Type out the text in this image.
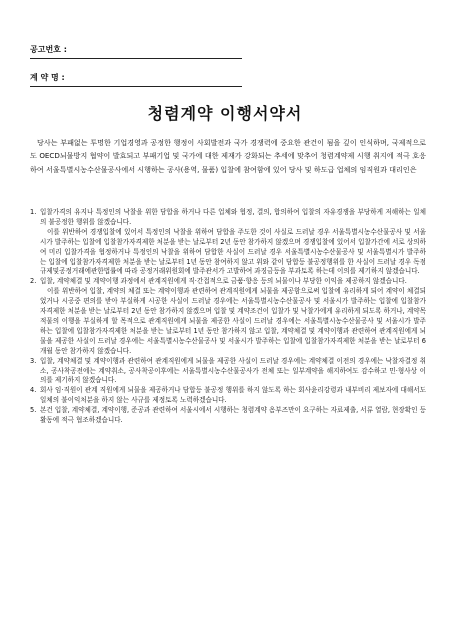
공고번호 :
계 약 명 :
청렴계약 이행서약서

당사는 부패없는 투명한 기업경영과 공정한 행정이 사회발전과 국가 경쟁력에 중요한 관건이 됨을 깊이 인식하며, 국제적으로도 OECD뇌물방지 협약이 발효되고 부패기업 및 국가에 대한 제재가 강화되는 추세에 맞추어 청렴계약제 시행 취지에 적극 호응하여 서울특별시농수산물공사에서 시행하는 공사(용역, 물품) 입찰에 참여함에 있어 당사 및 하도급 업체의 임직원과 대리인은

1. 입찰가격의 유지나 특정인의 낙찰을 위한 담합을 하거나 다른 업체와 협정, 결의, 합의하여 입찰의 자유경쟁을 부당하게 저해하는 일체의 불공정한 행위를 않겠습니다.

이를 위반하여 경쟁입찰에 있어서 특정인의 낙찰을 위하여 담합을 주도한 것이 사실로 드러날 경우 서울특별시농수산물공사 및 서울시가 발주하는 입찰에 입찰참가자격제한 처분을 받는 날로부터 2년 동안 참가하지 않겠으며 경쟁입찰에 있어서 입찰가간에 서로 상의하여 미리 입찰가격을 협정하거나 특정인의 낙찰을 위하여 담합한 사실이 드러날 경우 서울특별시농수산물공사 및 서울특별시가 발주하는 입찰에 입찰참가자격제한 처분을 받는 날로부터 1년 동안 참여하지 않고 위와 같이 담합등 불공정행위를 한 사실이 드러날 경우 독점규제및공정거래에관한법률에 따라 공정거래위원회에 발주관서가 고발하여 과징금등을 부과토록 하는데 이의를 제기하지 않겠습니다.

2. 입찰, 계약체결 및 계약이행 과정에서 관계직원에게 직·간접적으로 금품·향응 등의 뇌물이나 부당한 이익을 제공하지 않겠습니다.

이를 위반하여 입찰, 계약의 체결 또는 계약이행과 관련하여 관계직원에게 뇌물을 제공함으로써 입찰에 유리하게 되어 계약이 체결되었거나 시공중 편의를 받아 부실하게 시공한 사실이 드러날 경우에는 서울특별시농수산물공사 및 서울시가 발주하는 입찰에 입찰참가자격제한 처분을 받는 날로부터 2년 동안 참가하지 않겠으며 입찰 및 계약조건이 입찰가 및 낙찰가에게 유리하게 되도록 하거나, 계약목적물의 이행을 부실하게 할 목적으로 관계직원에게 뇌물을 제공한 사실이 드러날 경우에는 서울특별시농수산물공사 및 서울시가 발주하는 입찰에 입찰참가자격제한 처분을 받는 날로부터 1년 동안 참가하지 않고 입찰, 계약체결 및 계약이행과 관련하여 관계직원에게 뇌물을 제공한 사실이 드러날 경우에는 서울특별시농수산물공사 및 서울시가 발주하는 입찰에 입찰참가자격제한 처분을 받는 날로부터 6개월 동안 참가하지 않겠습니다.

3. 입찰, 계약체결 및 계약이행과 관련하여 관계직원에게 뇌물을 제공한 사실이 드러날 경우에는 계약체결 이전의 경우에는 낙찰자결정 취소, 공사착공전에는 계약취소, 공사착공이후에는 서울특별시농수산물공사가 전체 또는 일부계약을 해지하여도 감수하고 민·형사상 이의를 제기하지 않겠습니다.

4. 회사 임·직원이 관계 직원에게 뇌물을 제공하거나 담합등 불공정 행위를 하지 않도록 하는 회사윤리강령과 내부비리 제보자에 대해서도 일체의 불이익처분을 하지 않는 사규를 제정토록 노력하겠습니다.

5. 본건 입찰, 계약체결, 계약이행, 준공과 관련하여 서울시에서 시행하는 청렴계약 옴부즈만이 요구하는 자료제출, 서류 열람, 현장확인 등 활동에 적극 협조하겠습니다.
